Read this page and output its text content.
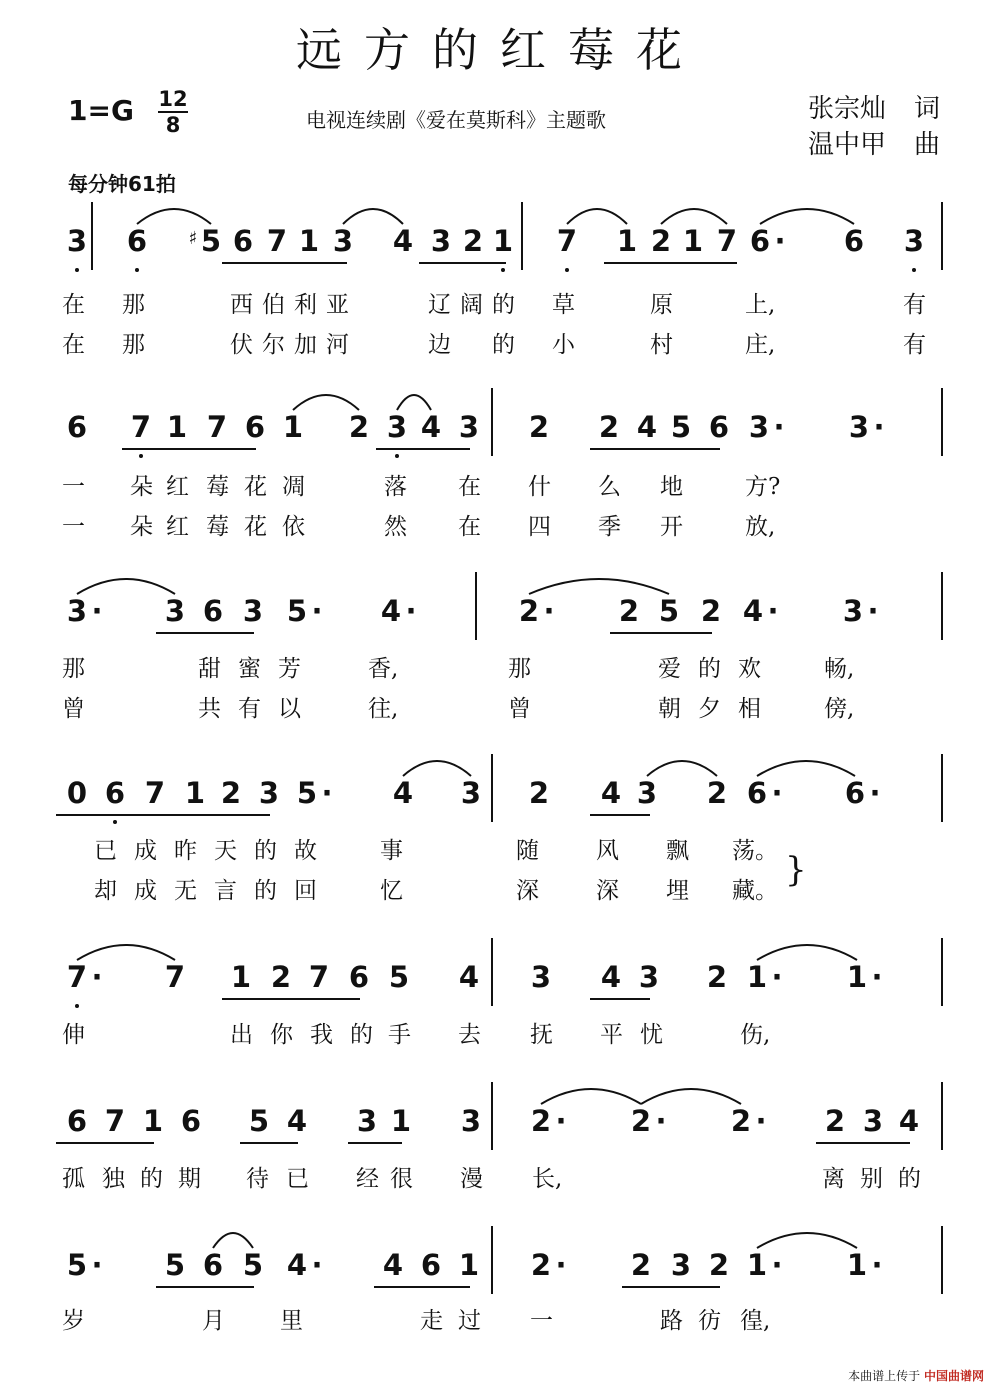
远方的红莓花
1=G 12
8	电视连续剧《爱在莫斯科》主题歌	张宗灿 词
温中甲 曲
每分钟61拍
3 6	♯ 5 6 7 1 3 4 3 2 1 7 1 2 1 7 6 · 6 3
在 那	西 伯 利 亚	辽 阔 的 草	原	上,	有
在 那	伏 尔 加 河	边 的 小	村	庄,	有
6 7 1 7 6 1 2 3 4 3 2 2 4 5 6 3 · 3 ·
一 朵 红 莓 花 凋	落 在 什 么 地	方?
一 朵 红 莓 花 依	然 在 四 季 开	放,
3 · 3 6 3 5 · 4 ·	2 · 2 5 2 4 · 3 ·
那	甜 蜜 芳	香,	那	爱 的 欢	畅,
曾	共 有 以	往,	曾	朝 夕 相	傍,
0 6 7 1 2 3 5 · 4 3 2 4 3 2 6 · 6 ·
已 成 昨 天 的 故	事	随 风 飘 荡。
却 成 无 言 的 回	忆	深 深 埋 藏。
7 · 7 1 2 7 6 5 4 3 4 3 2 1 · 1 ·
伸	出 你 我 的 手 去 抚 平 忧	伤,
6 7 1 6 5 4 3 1 3 2 · 2 · 2 · 2 3 4
孤 独 的 期 待 已 经 很 漫 长,	离 别 的
5 · 5 6 5 4 · 4 6 1 2 · 2 3 2 1 · 1 ·
岁	月 里	走 过 一	路 彷 徨,
}
本曲谱上传于 中国曲谱网
